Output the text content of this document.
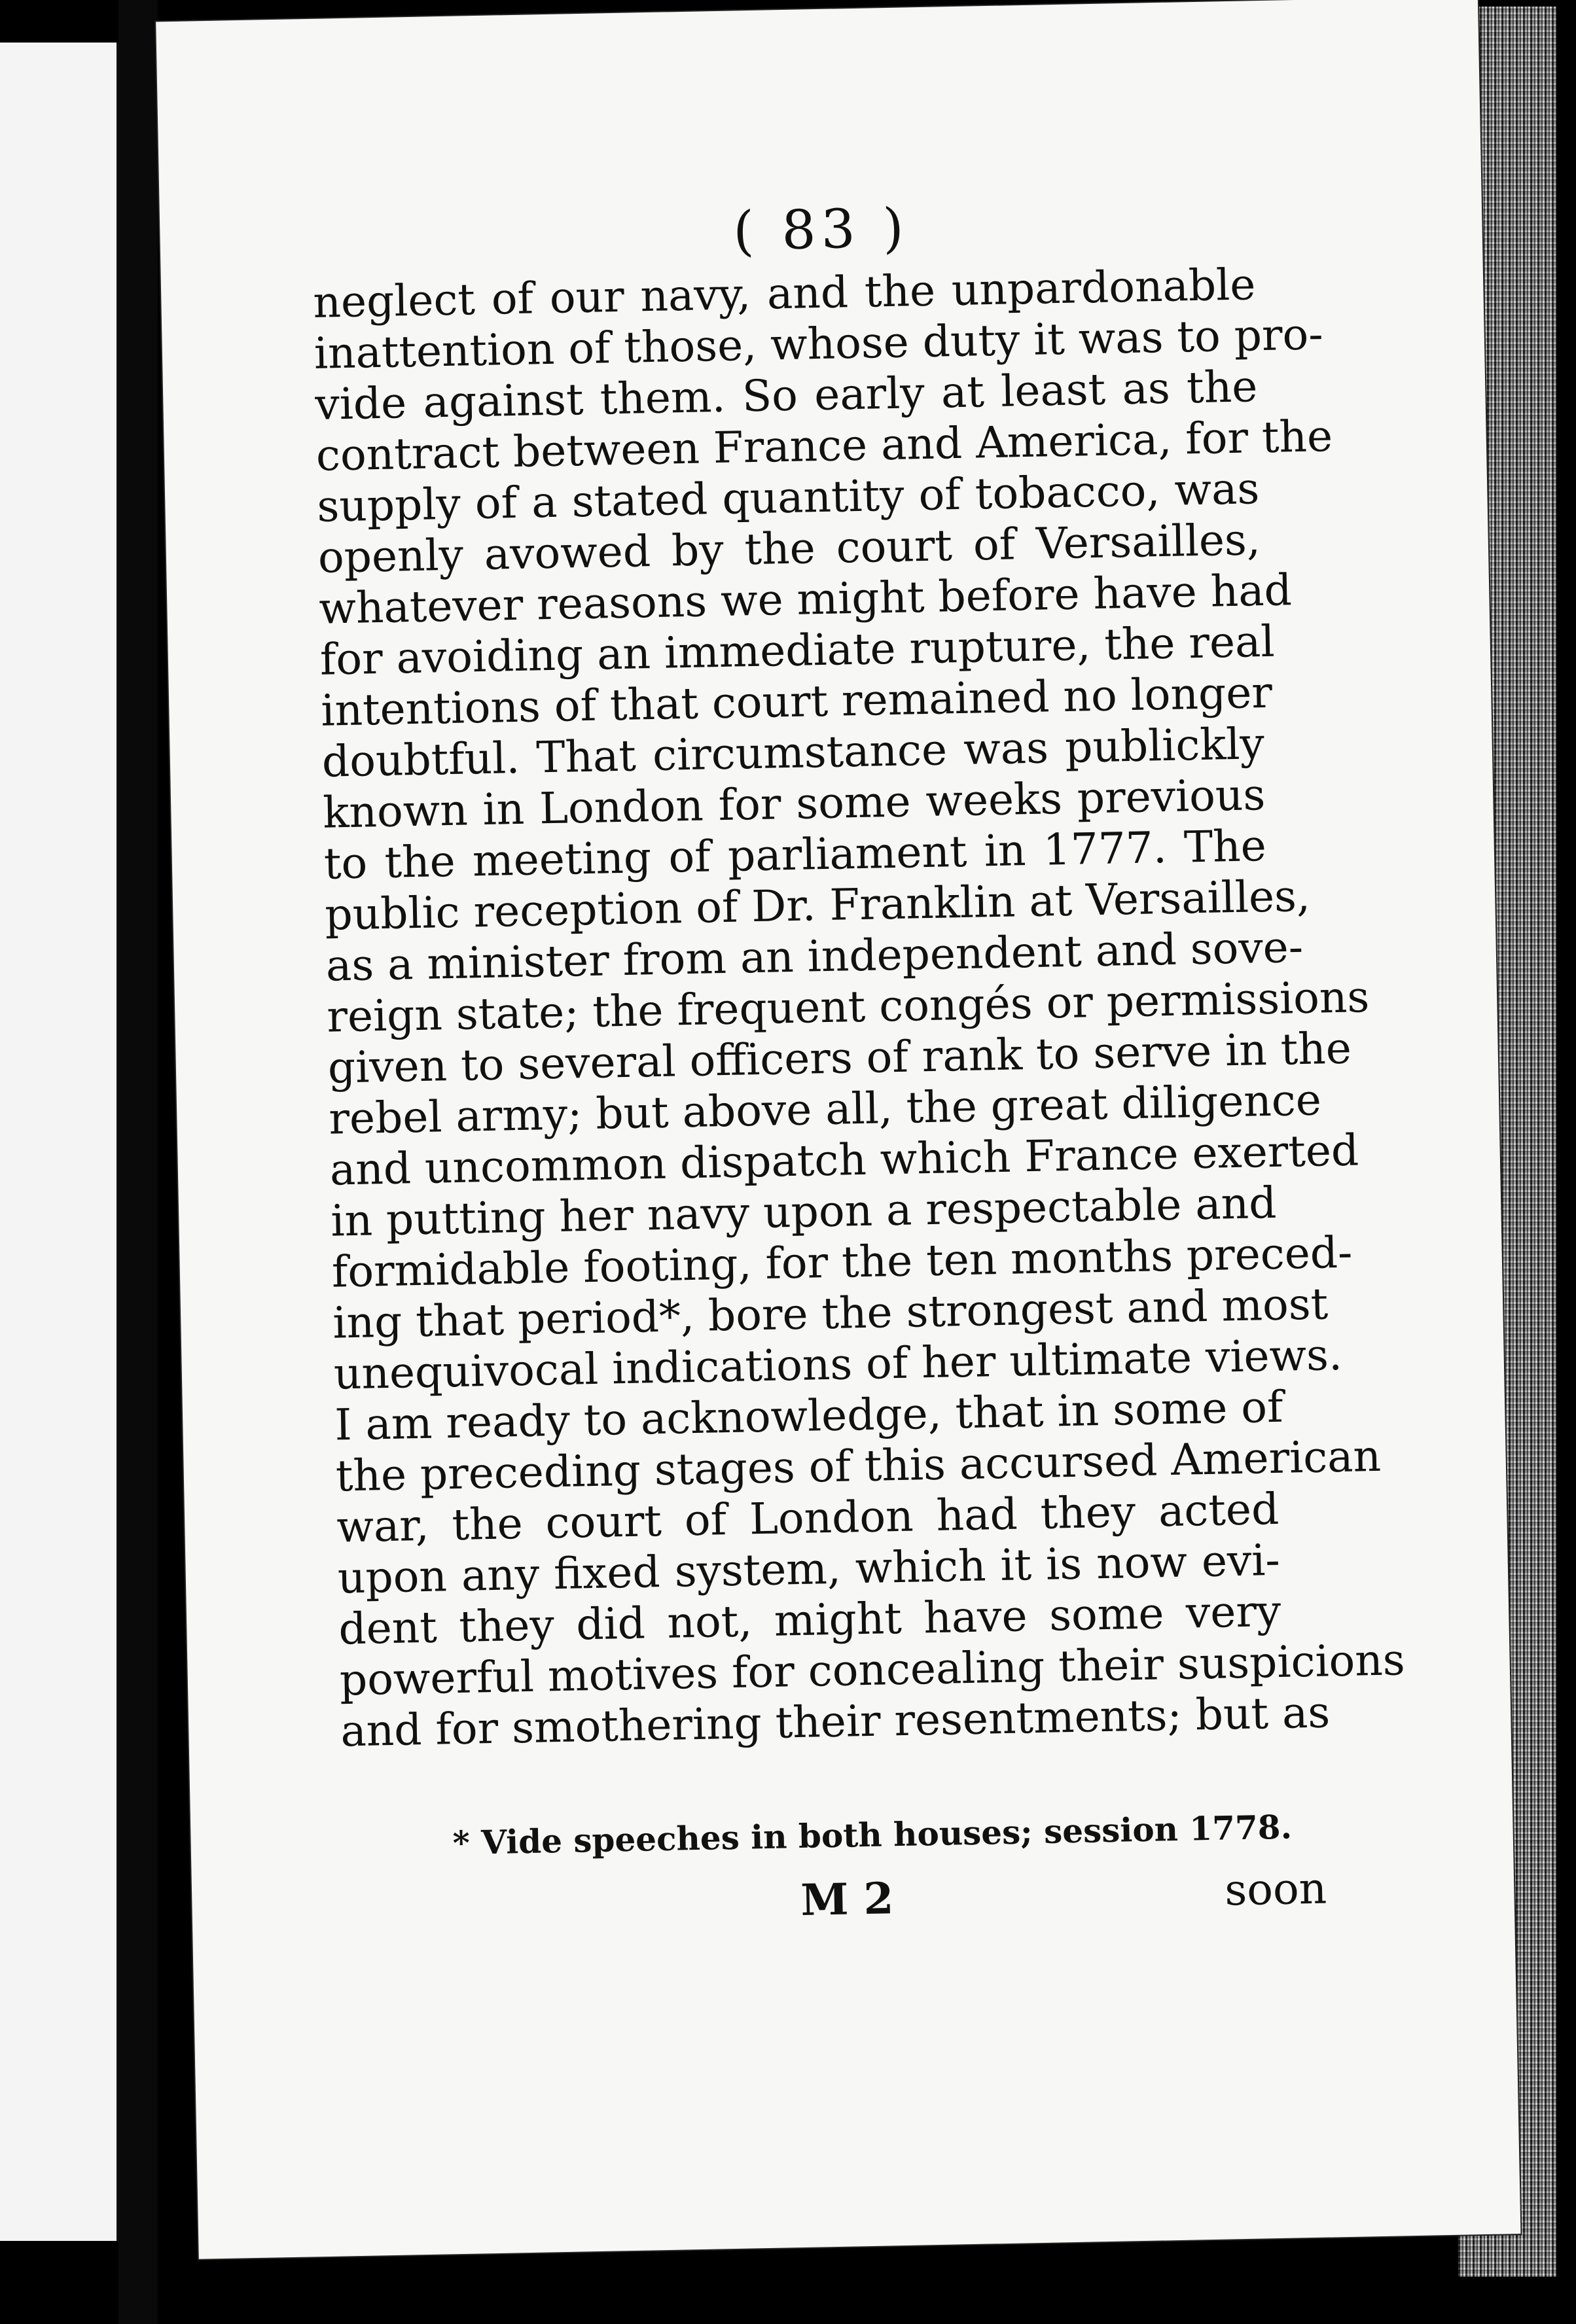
( 83 )
neglect of our navy, and the unpardonable
inattention of those, whose duty it was to pro-
vide against them. So early at least as the
contract between France and America, for the
supply of a stated quantity of tobacco, was
openly avowed by the court of Versailles,
whatever reasons we might before have had
for avoiding an immediate rupture, the real
intentions of that court remained no longer
doubtful. That circumstance was publickly
known in London for some weeks previous
to the meeting of parliament in 1777. The
public reception of Dr. Franklin at Versailles,
as a minister from an independent and sove-
reign state; the frequent congés or permissions
given to several officers of rank to serve in the
rebel army; but above all, the great diligence
and uncommon dispatch which France exerted
in putting her navy upon a respectable and
formidable footing, for the ten months preced-
ing that period*, bore the strongest and most
unequivocal indications of her ultimate views.
I am ready to acknowledge, that in some of
the preceding stages of this accursed American
war, the court of London had they acted
upon any fixed system, which it is now evi-
dent they did not, might have some very
powerful motives for concealing their suspicions
and for smothering their resentments; but as
* Vide speeches in both houses; session 1778.
M 2	soon
